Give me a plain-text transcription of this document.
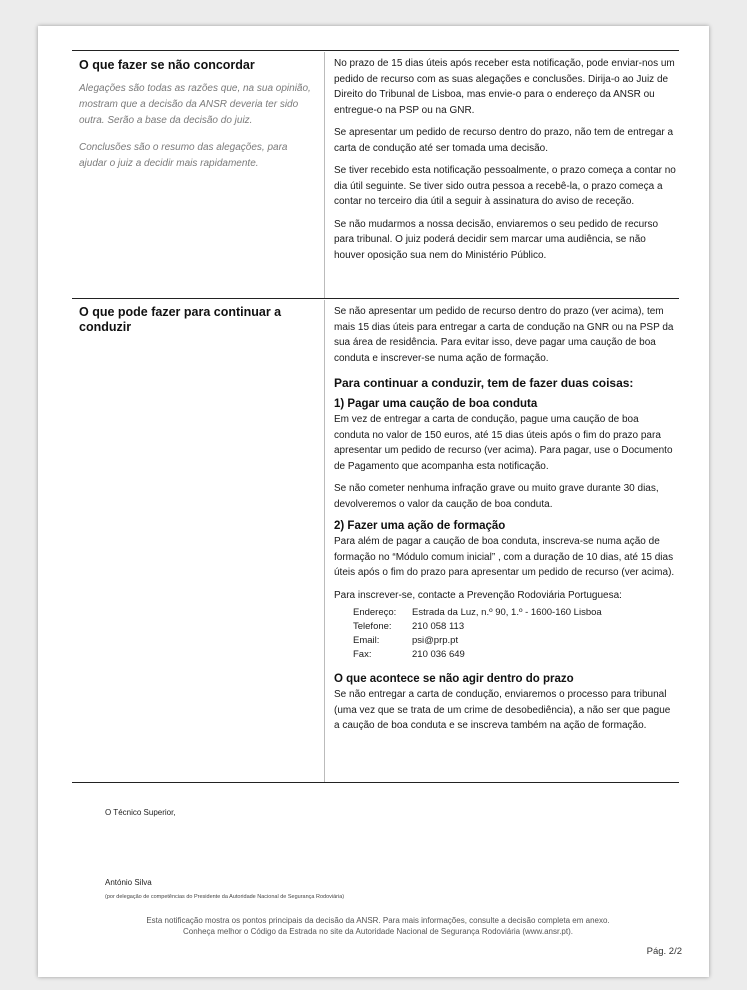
O que fazer se não concordar

Alegações são todas as razões que, na sua opinião, mostram que a decisão da ANSR deveria ter sido outra. Serão a base da decisão do juiz.

Conclusões são o resumo das alegações, para ajudar o juiz a decidir mais rapidamente.

No prazo de 15 dias úteis após receber esta notificação, pode enviar-nos um pedido de recurso com as suas alegações e conclusões. Dirija-o ao Juiz de Direito do Tribunal de Lisboa, mas envie-o para o endereço da ANSR ou entregue-o na PSP ou na GNR.

Se apresentar um pedido de recurso dentro do prazo, não tem de entregar a carta de condução até ser tomada uma decisão.

Se tiver recebido esta notificação pessoalmente, o prazo começa a contar no dia útil seguinte. Se tiver sido outra pessoa a recebê-la, o prazo começa a contar no terceiro dia útil a seguir à assinatura do aviso de receção.

Se não mudarmos a nossa decisão, enviaremos o seu pedido de recurso para tribunal. O juiz poderá decidir sem marcar uma audiência, se não houver oposição sua nem do Ministério Público.

O que pode fazer para continuar a conduzir

Se não apresentar um pedido de recurso dentro do prazo (ver acima), tem mais 15 dias úteis para entregar a carta de condução na GNR ou na PSP da sua área de residência. Para evitar isso, deve pagar uma caução de boa conduta e inscrever-se numa ação de formação.

Para continuar a conduzir, tem de fazer duas coisas:
1) Pagar uma caução de boa conduta

Em vez de entregar a carta de condução, pague uma caução de boa conduta no valor de 150 euros, até 15 dias úteis após o fim do prazo para apresentar um pedido de recurso (ver acima). Para pagar, use o Documento de Pagamento que acompanha esta notificação.

Se não cometer nenhuma infração grave ou muito grave durante 30 dias, devolveremos o valor da caução de boa conduta.

2) Fazer uma ação de formação

Para além de pagar a caução de boa conduta, inscreva-se numa ação de formação no “Módulo comum inicial” , com a duração de 10 dias, até 15 dias úteis após o fim do prazo para apresentar um pedido de recurso (ver acima).

Para inscrever-se, contacte a Prevenção Rodoviária Portuguesa:

Endereço:	Estrada da Luz, n.º 90, 1.º - 1600-160 Lisboa
Telefone:	210 058 113
Email:	psi@prp.pt
Fax:	210 036 649
O que acontece se não agir dentro do prazo

Se não entregar a carta de condução, enviaremos o processo para tribunal (uma vez que se trata de um crime de desobediência), a não ser que pague a caução de boa conduta e se inscreva também na ação de formação.

O Técnico Superior,
António Silva
(por delegação de competências do Presidente da Autoridade Nacional de Segurança Rodoviária)
Esta notificação mostra os pontos principais da decisão da ANSR. Para mais informações, consulte a decisão completa em anexo.
Conheça melhor o Código da Estrada no site da Autoridade Nacional de Segurança Rodoviária (www.ansr.pt).
Pág. 2/2
